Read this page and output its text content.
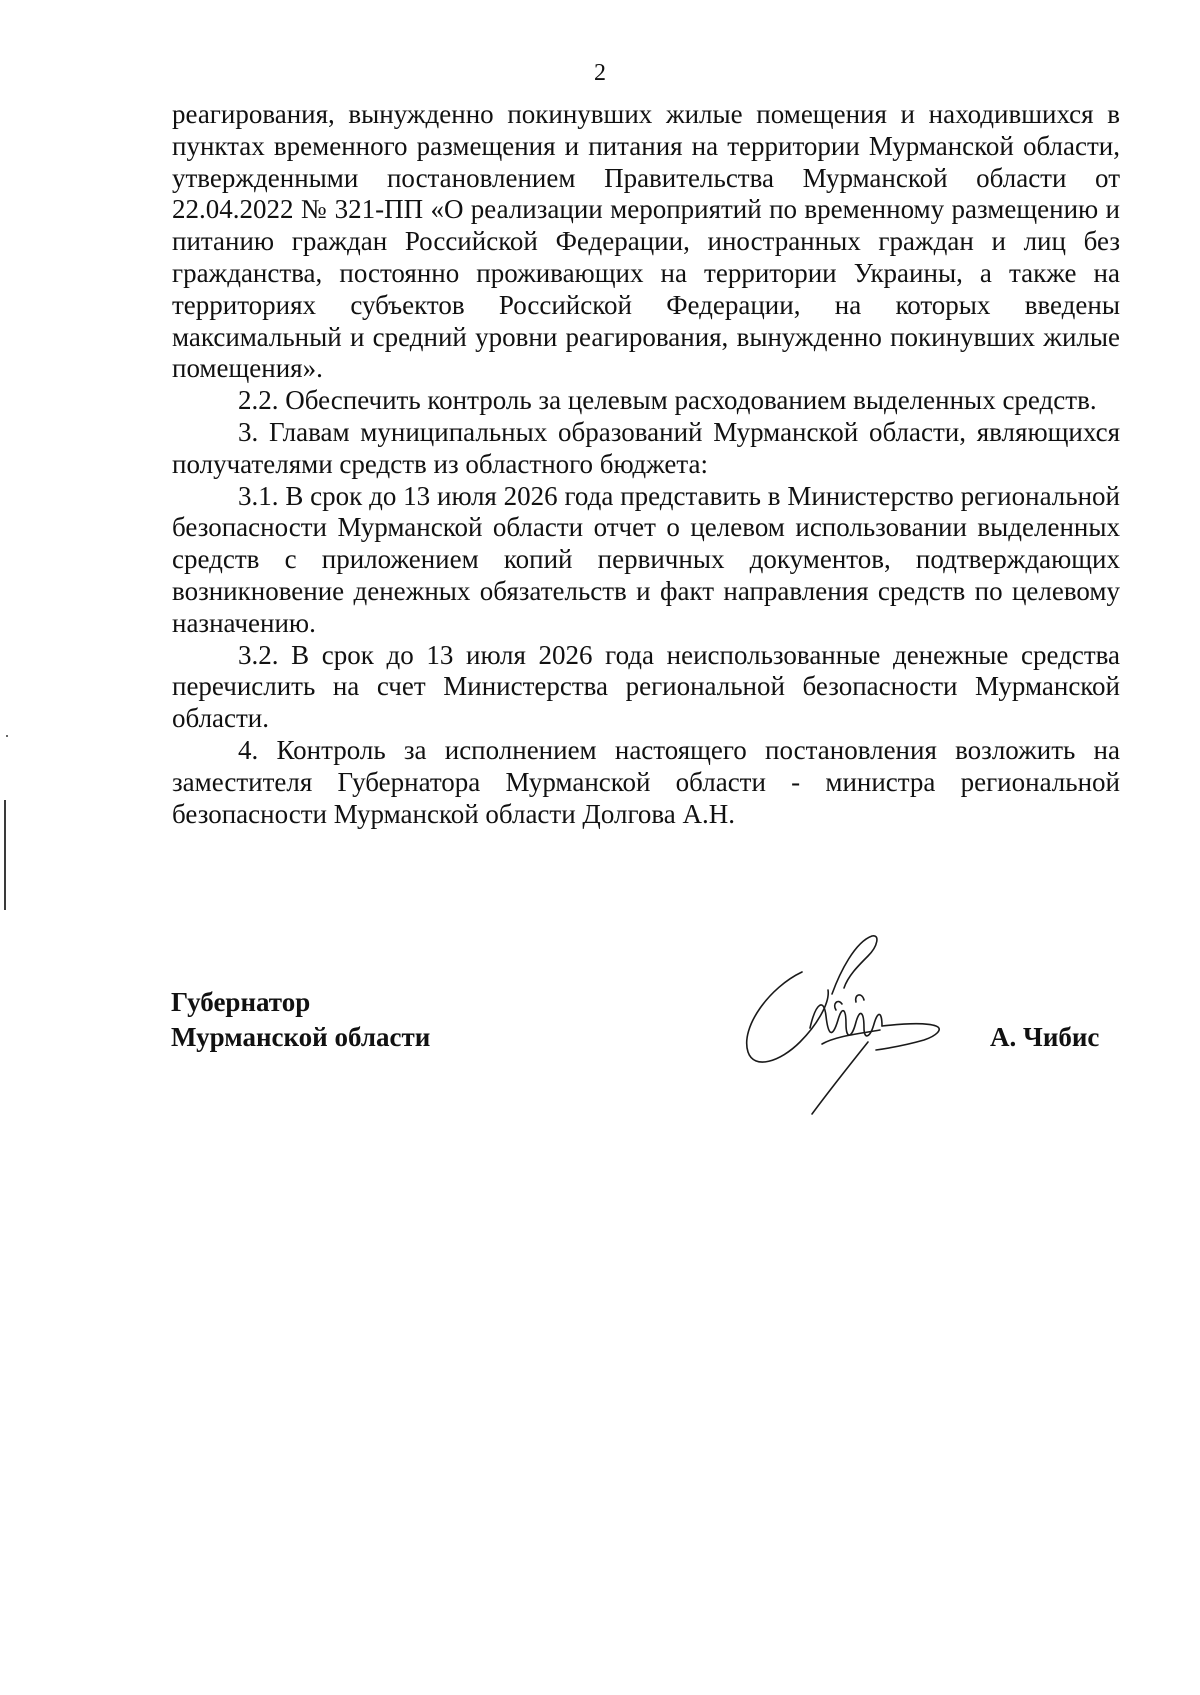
2

реагирования, вынужденно покинувших жилые помещения и находившихся в пунктах временного размещения и питания на территории Мурманской области, утвержденными постановлением Правительства Мурманской области от 22.04.2022 № 321-ПП «О реализации мероприятий по временному размещению и питанию граждан Российской Федерации, иностранных граждан и лиц без гражданства, постоянно проживающих на территории Украины, а также на территориях субъектов Российской Федерации, на которых введены максимальный и средний уровни реагирования, вынужденно покинувших жилые помещения».

2.2. Обеспечить контроль за целевым расходованием выделенных средств.

3. Главам муниципальных образований Мурманской области, являющихся получателями средств из областного бюджета:

3.1. В срок до 13 июля 2026 года представить в Министерство региональной безопасности Мурманской области отчет о целевом использовании выделенных средств с приложением копий первичных документов, подтверждающих возникновение денежных обязательств и факт направления средств по целевому назначению.

3.2. В срок до 13 июля 2026 года неиспользованные денежные средства перечислить на счет Министерства региональной безопасности Мурманской области.

4. Контроль за исполнением настоящего постановления возложить на заместителя Губернатора Мурманской области - министра региональной безопасности Мурманской области Долгова А.Н.

Губернатор
Мурманской области	А. Чибис
